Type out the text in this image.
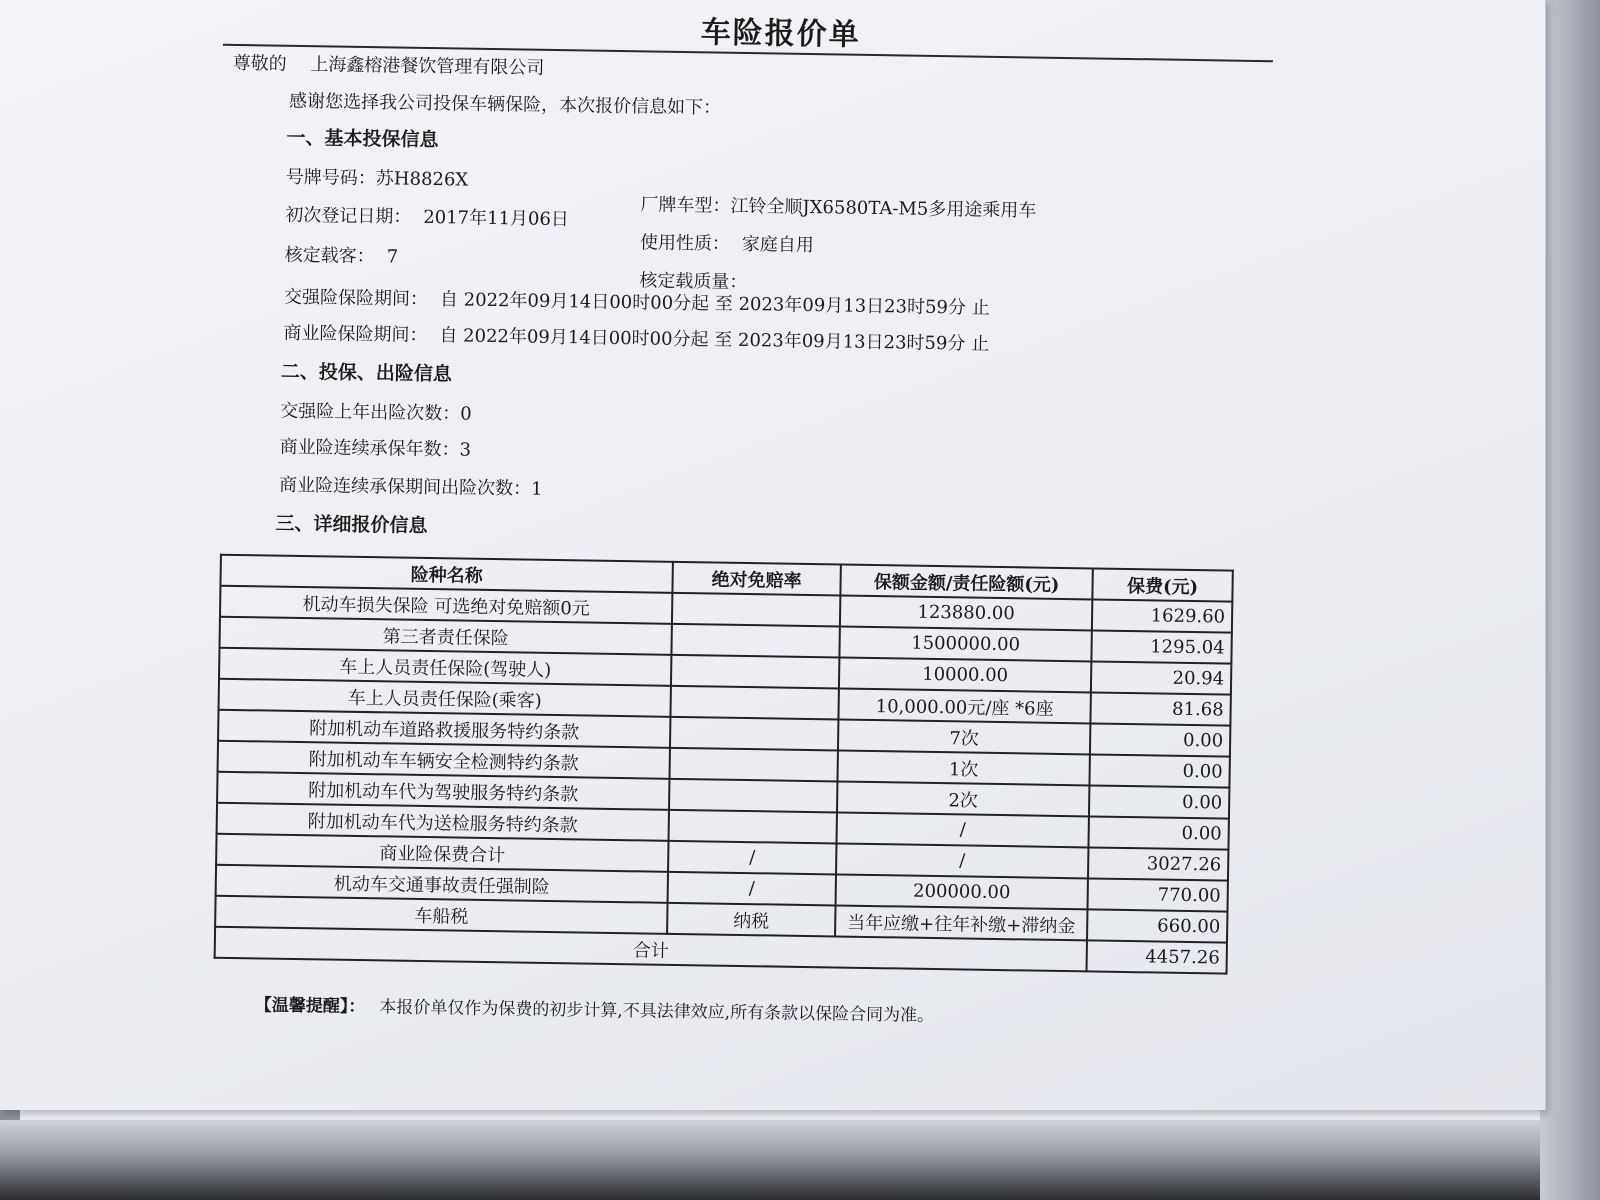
车险报价单
尊敬的 上海鑫榕港餐饮管理有限公司
感谢您选择我公司投保车辆保险，本次报价信息如下：
一、基本投保信息
号牌号码：苏H8826X
厂牌车型：江铃全顺JX6580TA-M5多用途乘用车
初次登记日期： 2017年11月06日
使用性质： 家庭自用
核定载客： 7
核定载质量：
交强险保险期间： 自 2022年09月14日00时00分起 至 2023年09月13日23时59分 止
商业险保险期间： 自 2022年09月14日00时00分起 至 2023年09月13日23时59分 止
二、投保、出险信息
交强险上年出险次数：0
商业险连续承保年数：3
商业险连续承保期间出险次数：1
三、详细报价信息
险种名称	绝对免赔率	保额金额/责任险额(元)	保费(元)
机动车损失保险 可选绝对免赔额0元		123880.00	1629.60
第三者责任保险		1500000.00	1295.04
车上人员责任保险(驾驶人)		10000.00	20.94
车上人员责任保险(乘客)		10,000.00元/座 *6座	81.68
附加机动车道路救援服务特约条款		7次	0.00
附加机动车车辆安全检测特约条款		1次	0.00
附加机动车代为驾驶服务特约条款		2次	0.00
附加机动车代为送检服务特约条款		/	0.00
商业险保费合计	/	/	3027.26
机动车交通事故责任强制险	/	200000.00	770.00
车船税	纳税	当年应缴+往年补缴+滞纳金	660.00
合计			4457.26
【温馨提醒】： 本报价单仅作为保费的初步计算,不具法律效应,所有条款以保险合同为准。
